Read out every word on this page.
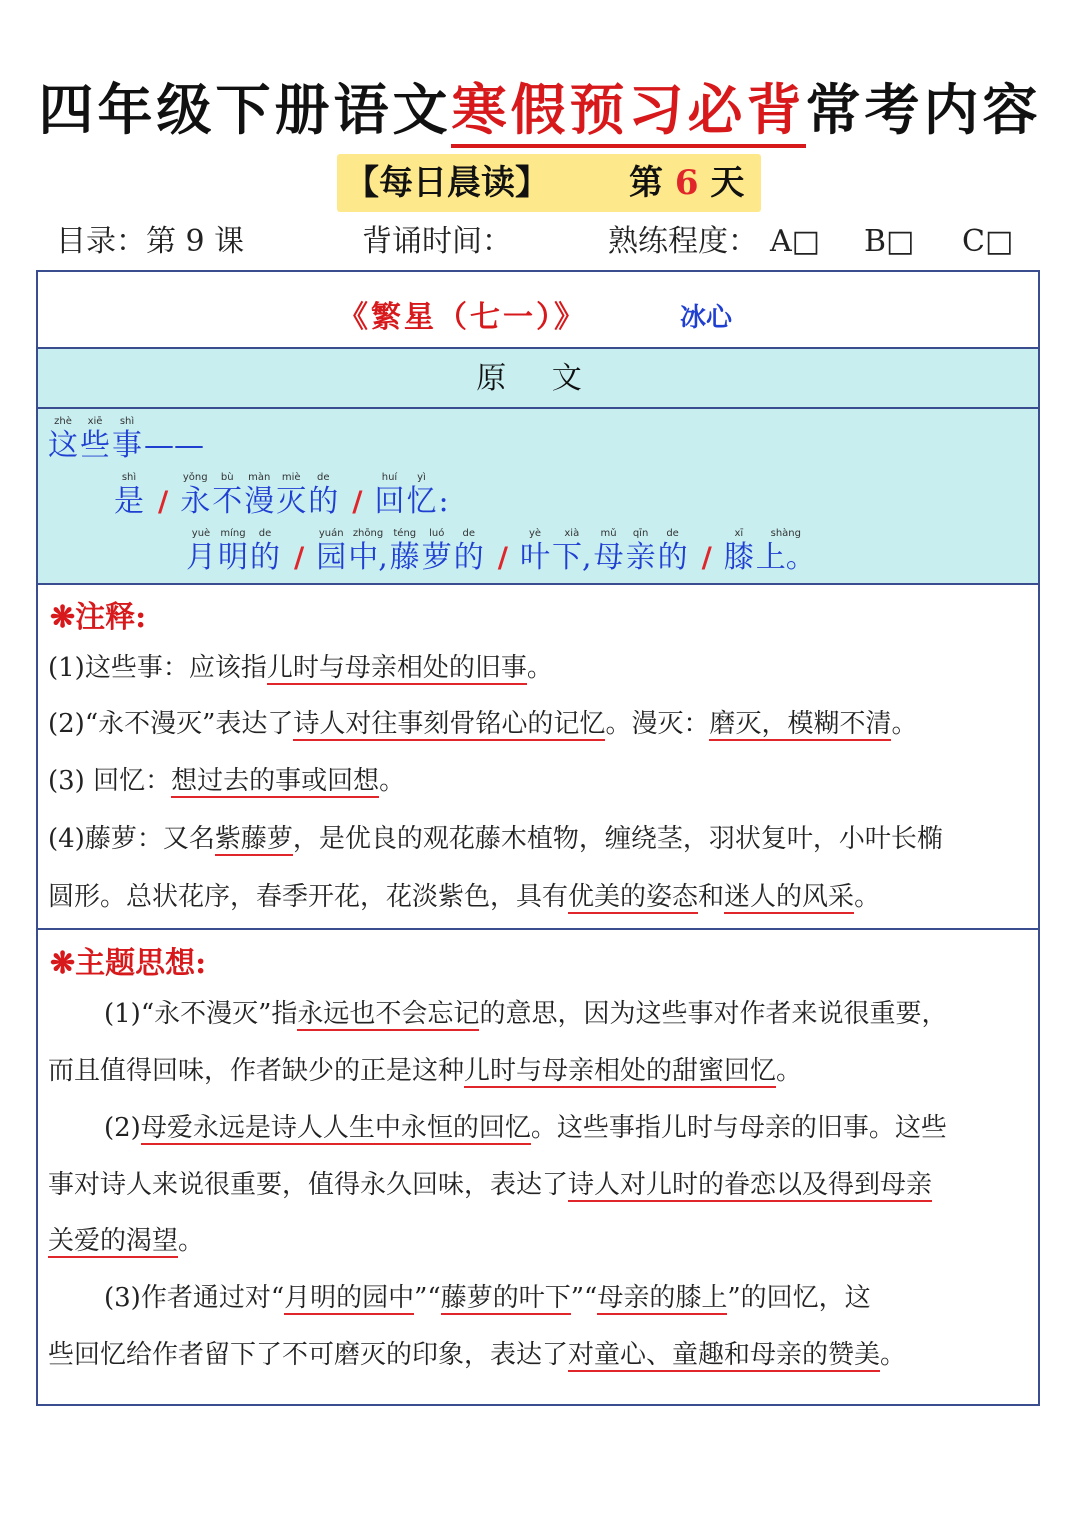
四年级下册语文寒假预习必背常考内容
【每日晨读】 第 6 天
目录：第 9 课	背诵时间：	熟练程度： A□ B□ C□
《繁星（七一）》	冰心
原 文
zhè
这
xiē
些
shì
事 ——
shì
是 /
yǒng
永
bù
不
màn
漫
miè
灭
de
的 /
huí
回
yì
忆 :
yuè
月
míng
明
de
的 /
yuán
园
zhōng
中,
téng
藤
luó
萝
de
的 /
yè
叶
xià
下,
mǔ
母
qīn
亲
de
的 /
xī
膝
shàng
上。
❋注释:
(1)这些事：应该指儿时与母亲相处的旧事。
(2)“永不漫灭”表达了诗人对往事刻骨铭心的记忆。漫灭：磨灭，模糊不清。
(3) 回忆：想过去的事或回想。
(4)藤萝：又名紫藤萝，是优良的观花藤木植物，缠绕茎，羽状复叶，小叶长椭
圆形。总状花序，春季开花，花淡紫色，具有优美的姿态和迷人的风采。
❋主题思想:
(1)“永不漫灭”指永远也不会忘记的意思，因为这些事对作者来说很重要，
而且值得回味，作者缺少的正是这种儿时与母亲相处的甜蜜回忆。
(2)母爱永远是诗人人生中永恒的回忆。这些事指儿时与母亲的旧事。这些
事对诗人来说很重要，值得永久回味，表达了诗人对儿时的眷恋以及得到母亲
关爱的渴望。
(3)作者通过对“月明的园中”“藤萝的叶下”“母亲的膝上”的回忆，这
些回忆给作者留下了不可磨灭的印象，表达了对童心、童趣和母亲的赞美。
